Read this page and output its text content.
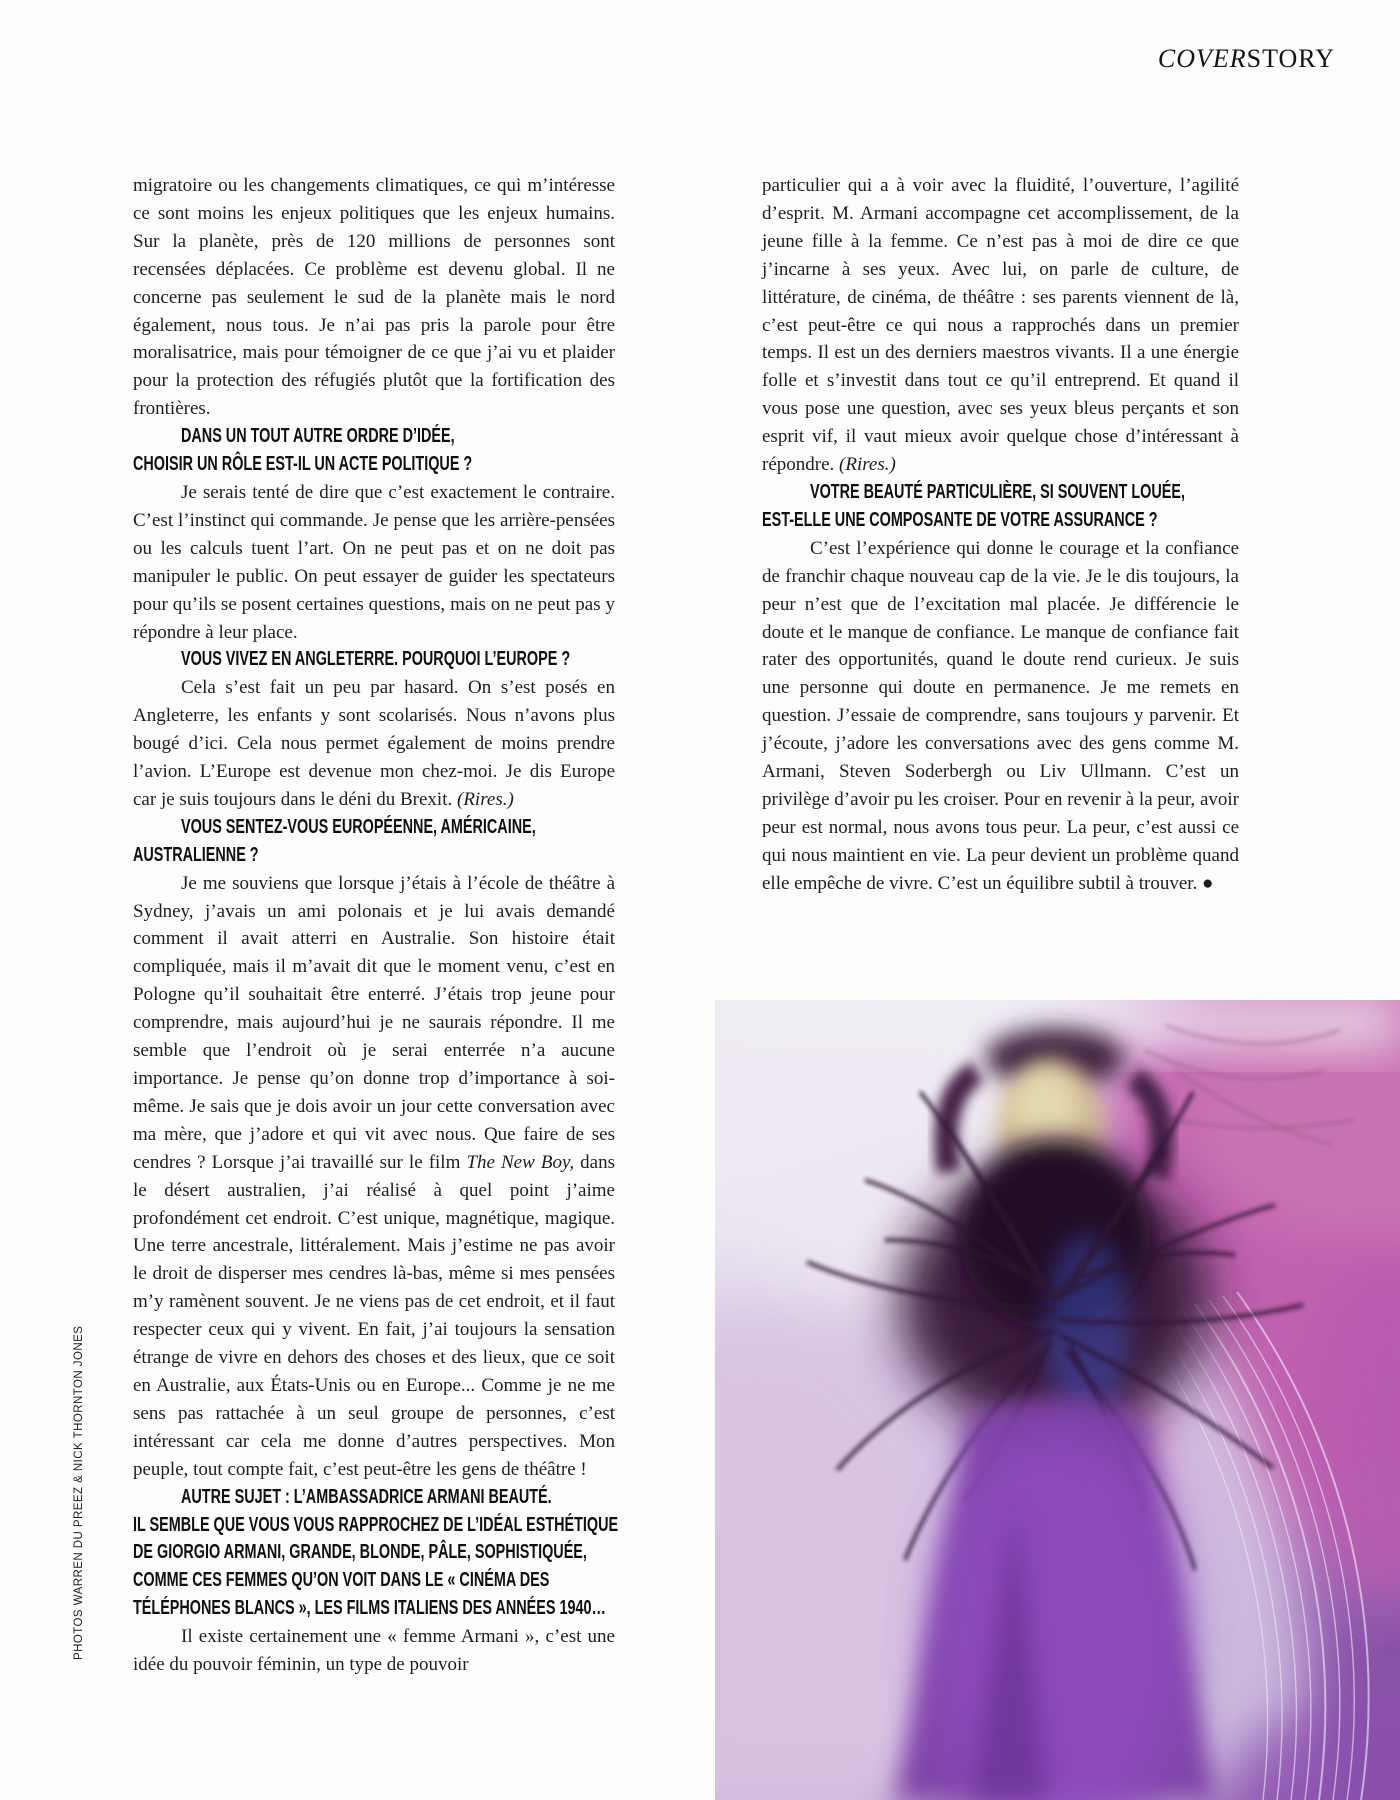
COVERSTORY
PHOTOS WARREN DU PREEZ & NICK THORNTON JONES

migratoire ou les changements climatiques, ce qui m’intéresse ce sont moins les enjeux politiques que les enjeux humains. Sur la planète, près de 120 millions de personnes sont recensées déplacées. Ce problème est devenu global. Il ne concerne pas seulement le sud de la planète mais le nord également, nous tous. Je n’ai pas pris la parole pour être moralisatrice, mais pour témoigner de ce que j’ai vu et plaider pour la protection des réfugiés plutôt que la fortification des frontières.

DANS UN TOUT AUTRE ORDRE D’IDÉE,
CHOISIR UN RÔLE EST-IL UN ACTE POLITIQUE ?

Je serais tenté de dire que c’est exactement le contraire. C’est l’instinct qui commande. Je pense que les arrière-pensées ou les calculs tuent l’art. On ne peut pas et on ne doit pas manipuler le public. On peut essayer de guider les spectateurs pour qu’ils se posent certaines questions, mais on ne peut pas y répondre à leur place.

VOUS VIVEZ EN ANGLETERRE. POURQUOI L’EUROPE ?

Cela s’est fait un peu par hasard. On s’est posés en Angleterre, les enfants y sont scolarisés. Nous n’avons plus bougé d’ici. Cela nous permet également de moins prendre l’avion. L’Europe est devenue mon chez-moi. Je dis Europe car je suis toujours dans le déni du Brexit. (Rires.)

VOUS SENTEZ-VOUS EUROPÉENNE, AMÉRICAINE,
AUSTRALIENNE ?

Je me souviens que lorsque j’étais à l’école de théâtre à Sydney, j’avais un ami polonais et je lui avais demandé comment il avait atterri en Australie. Son histoire était compliquée, mais il m’avait dit que le moment venu, c’est en Pologne qu’il souhaitait être enterré. J’étais trop jeune pour comprendre, mais aujourd’hui je ne saurais répondre. Il me semble que l’endroit où je serai enterrée n’a aucune importance. Je pense qu’on donne trop d’importance à soi-même. Je sais que je dois avoir un jour cette conversation avec ma mère, que j’adore et qui vit avec nous. Que faire de ses cendres ? Lorsque j’ai travaillé sur le film The New Boy, dans le désert australien, j’ai réalisé à quel point j’aime profondément cet endroit. C’est unique, magnétique, magique. Une terre ancestrale, littéralement. Mais j’estime ne pas avoir le droit de disperser mes cendres là-bas, même si mes pensées m’y ramènent souvent. Je ne viens pas de cet endroit, et il faut respecter ceux qui y vivent. En fait, j’ai toujours la sensation étrange de vivre en dehors des choses et des lieux, que ce soit en Australie, aux États-Unis ou en Europe... Comme je ne me sens pas rattachée à un seul groupe de personnes, c’est intéressant car cela me donne d’autres perspectives. Mon peuple, tout compte fait, c’est peut-être les gens de théâtre !

AUTRE SUJET : L’AMBASSADRICE ARMANI BEAUTÉ.
IL SEMBLE QUE VOUS VOUS RAPPROCHEZ DE L’IDÉAL ESTHÉTIQUE
DE GIORGIO ARMANI, GRANDE, BLONDE, PÂLE, SOPHISTIQUÉE,
COMME CES FEMMES QU’ON VOIT DANS LE « CINÉMA DES
TÉLÉPHONES BLANCS », LES FILMS ITALIENS DES ANNÉES 1940…

Il existe certainement une « femme Armani », c’est une idée du pouvoir féminin, un type de pouvoir

particulier qui a à voir avec la fluidité, l’ouverture, l’agilité d’esprit. M. Armani accompagne cet accomplissement, de la jeune fille à la femme. Ce n’est pas à moi de dire ce que j’incarne à ses yeux. Avec lui, on parle de culture, de littérature, de cinéma, de théâtre : ses parents viennent de là, c’est peut-être ce qui nous a rapprochés dans un premier temps. Il est un des derniers maestros vivants. Il a une énergie folle et s’investit dans tout ce qu’il entreprend. Et quand il vous pose une question, avec ses yeux bleus perçants et son esprit vif, il vaut mieux avoir quelque chose d’intéressant à répondre. (Rires.)

VOTRE BEAUTÉ PARTICULIÈRE, SI SOUVENT LOUÉE,
EST-ELLE UNE COMPOSANTE DE VOTRE ASSURANCE ?

C’est l’expérience qui donne le courage et la confiance de franchir chaque nouveau cap de la vie. Je le dis toujours, la peur n’est que de l’excitation mal placée. Je différencie le doute et le manque de confiance. Le manque de confiance fait rater des opportunités, quand le doute rend curieux. Je suis une personne qui doute en permanence. Je me remets en question. J’essaie de comprendre, sans toujours y parvenir. Et j’écoute, j’adore les conversations avec des gens comme M. Armani, Steven Soderbergh ou Liv Ullmann. C’est un privilège d’avoir pu les croiser. Pour en revenir à la peur, avoir peur est normal, nous avons tous peur. La peur, c’est aussi ce qui nous maintient en vie. La peur devient un problème quand elle empêche de vivre. C’est un équilibre subtil à trouver. ●
